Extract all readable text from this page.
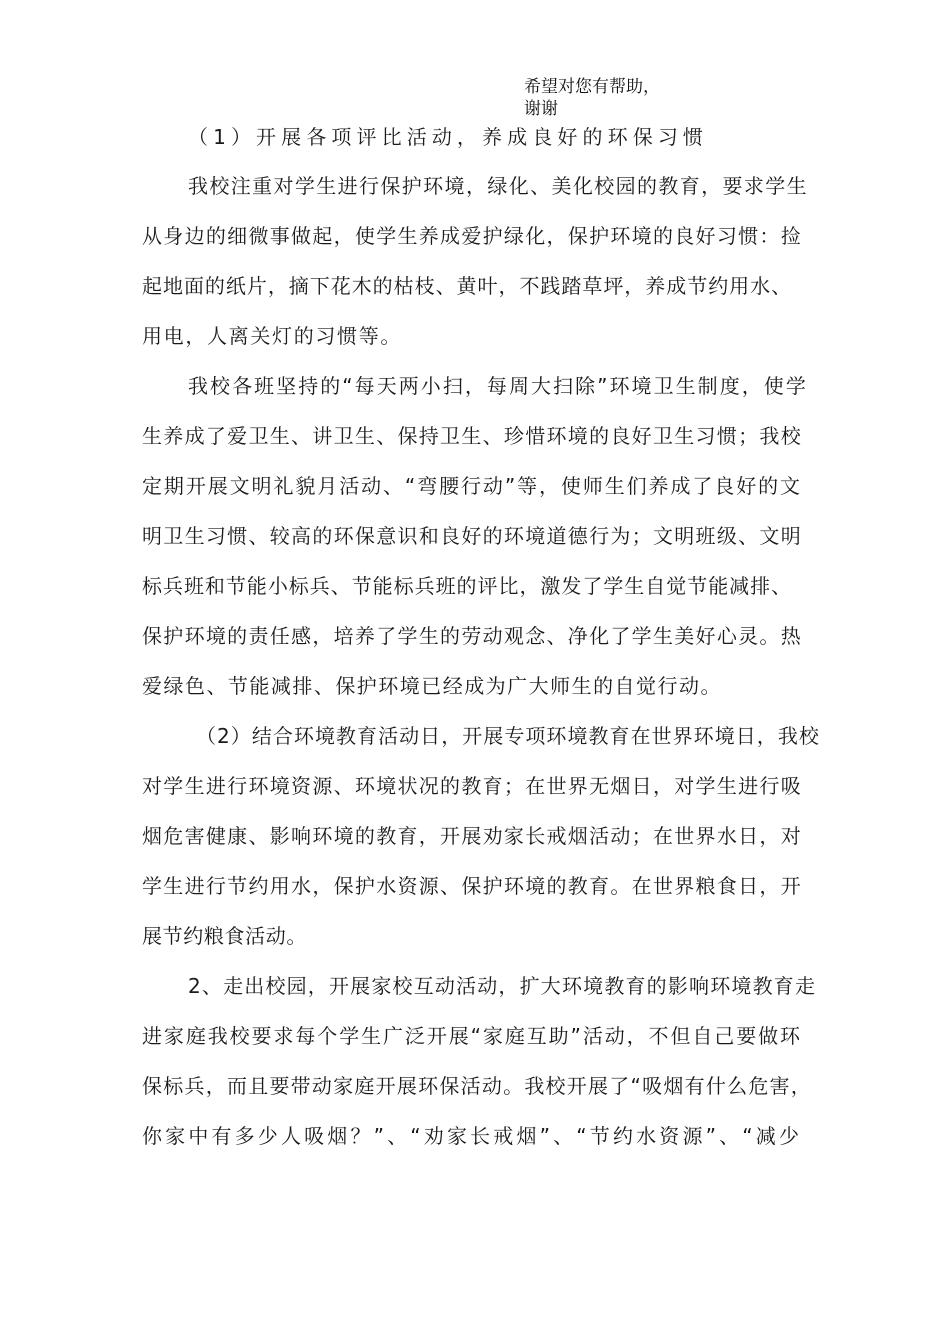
希望对您有帮助，
谢谢
（1）开展各项评比活动，养成良好的环保习惯
我校注重对学生进行保护环境，绿化、美化校园的教育，要求学生
从身边的细微事做起，使学生养成爱护绿化，保护环境的良好习惯：捡
起地面的纸片，摘下花木的枯枝、黄叶，不践踏草坪，养成节约用水、
用电，人离关灯的习惯等。
我校各班坚持的“每天两小扫，每周大扫除”环境卫生制度，使学
生养成了爱卫生、讲卫生、保持卫生、珍惜环境的良好卫生习惯；我校
定期开展文明礼貌月活动、“弯腰行动”等，使师生们养成了良好的文
明卫生习惯、较高的环保意识和良好的环境道德行为；文明班级、文明
标兵班和节能小标兵、节能标兵班的评比，激发了学生自觉节能减排、
保护环境的责任感，培养了学生的劳动观念、净化了学生美好心灵。热
爱绿色、节能减排、保护环境已经成为广大师生的自觉行动。
（2）结合环境教育活动日，开展专项环境教育在世界环境日，我校
对学生进行环境资源、环境状况的教育；在世界无烟日，对学生进行吸
烟危害健康、影响环境的教育，开展劝家长戒烟活动；在世界水日，对
学生进行节约用水，保护水资源、保护环境的教育。在世界粮食日，开
展节约粮食活动。
2、走出校园，开展家校互动活动，扩大环境教育的影响环境教育走
进家庭我校要求每个学生广泛开展“家庭互助”活动，不但自己要做环
保标兵，而且要带动家庭开展环保活动。我校开展了“吸烟有什么危害，
你家中有多少人吸烟？”、“劝家长戒烟”、“节约水资源”、“减少
